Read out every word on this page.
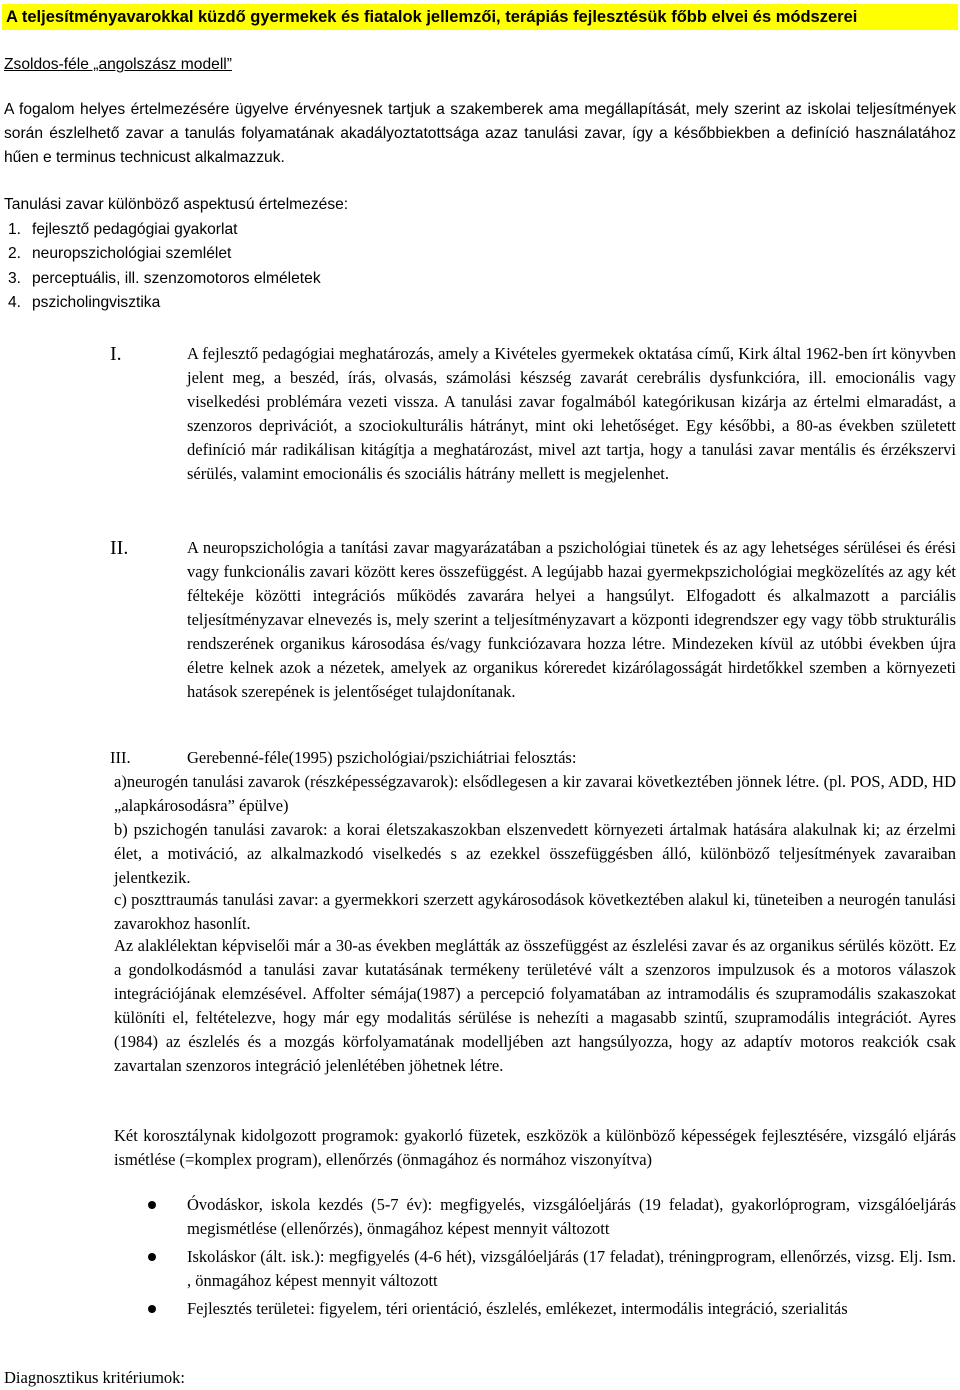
A teljesítményavarokkal küzdő gyermekek és fiatalok jellemzői, terápiás fejlesztésük főbb elvei és módszerei
Zsoldos-féle „angolszász modell”
A fogalom helyes értelmezésére ügyelve érvényesnek tartjuk a szakemberek ama megállapítását, mely szerint az iskolai teljesítmények során észlelhető zavar a tanulás folyamatának akadályoztatottsága azaz tanulási zavar, így a későbbiekben a definíció használatához hűen e terminus technicust alkalmazzuk.
Tanulási zavar különböző aspektusú értelmezése:
1. fejlesztő pedagógiai gyakorlat
2. neuropszichológiai szemlélet
3. perceptuális, ill. szenzomotoros elméletek
4. pszicholingvisztika
I.	A fejlesztő pedagógiai meghatározás, amely a Kivételes gyermekek oktatása című, Kirk által 1962-ben írt könyvben jelent meg, a beszéd, írás, olvasás, számolási készség zavarát cerebrális dysfunkcióra, ill. emocionális vagy viselkedési problémára vezeti vissza. A tanulási zavar fogalmából kategórikusan kizárja az értelmi elmaradást, a szenzoros deprivációt, a szociokulturális hátrányt, mint oki lehetőséget. Egy későbbi, a 80-as években született definíció már radikálisan kitágítja a meghatározást, mivel azt tartja, hogy a tanulási zavar mentális és érzékszervi sérülés, valamint emocionális és szociális hátrány mellett is megjelenhet.
II.	A neuropszichológia a tanítási zavar magyarázatában a pszichológiai tünetek és az agy lehetséges sérülései és érési vagy funkcionális zavari között keres összefüggést. A legújabb hazai gyermekpszichológiai megközelítés az agy két féltekéje közötti integrációs működés zavarára helyei a hangsúlyt. Elfogadott és alkalmazott a parciális teljesítményzavar elnevezés is, mely szerint a teljesítményzavart a központi idegrendszer egy vagy több strukturális rendszerének organikus károsodása és/vagy funkciózavara hozza létre. Mindezeken kívül az utóbbi években újra életre kelnek azok a nézetek, amelyek az organikus kóreredet kizárólagosságát hirdetőkkel szemben a környezeti hatások szerepének is jelentőséget tulajdonítanak.
III.	Gerebenné-féle(1995) pszichológiai/pszichiátriai felosztás:
a)neurogén tanulási zavarok (részképességzavarok): elsődlegesen a kir zavarai következtében jönnek létre. (pl. POS, ADD, HD „alapkárosodásra” épülve)
b) pszichogén tanulási zavarok: a korai életszakaszokban elszenvedett környezeti ártalmak hatására alakulnak ki; az érzelmi élet, a motiváció, az alkalmazkodó viselkedés s az ezekkel összefüggésben álló, különböző teljesítmények zavaraiban jelentkezik.
c) poszttraumás tanulási zavar: a gyermekkori szerzett agykárosodások következtében alakul ki, tüneteiben a neurogén tanulási zavarokhoz hasonlít.
Az alaklélektan képviselői már a 30-as években meglátták az összefüggést az észlelési zavar és az organikus sérülés között. Ez a gondolkodásmód a tanulási zavar kutatásának termékeny területévé vált a szenzoros impulzusok és a motoros válaszok integrációjának elemzésével. Affolter sémája(1987) a percepció folyamatában az intramodális és szupramodális szakaszokat különíti el, feltételezve, hogy már egy modalitás sérülése is nehezíti a magasabb szintű, szupramodális integrációt. Ayres (1984) az észlelés és a mozgás körfolyamatának modelljében azt hangsúlyozza, hogy az adaptív motoros reakciók csak zavartalan szenzoros integráció jelenlétében jöhetnek létre.
Két korosztálynak kidolgozott programok: gyakorló füzetek, eszközök a különböző képességek fejlesztésére, vizsgáló eljárás ismétlése (=komplex program), ellenőrzés (önmagához és normához viszonyítva)
Óvodáskor, iskola kezdés (5-7 év): megfigyelés, vizsgálóeljárás (19 feladat), gyakorlóprogram, vizsgálóeljárás megismétlése (ellenőrzés), önmagához képest mennyit változott
Iskoláskor (ált. isk.): megfigyelés (4-6 hét), vizsgálóeljárás (17 feladat), tréningprogram, ellenőrzés, vizsg. Elj. Ism. , önmagához képest mennyit változott
Fejlesztés területei: figyelem, téri orientáció, észlelés, emlékezet, intermodális integráció, szerialitás
Diagnosztikus kritériumok:
